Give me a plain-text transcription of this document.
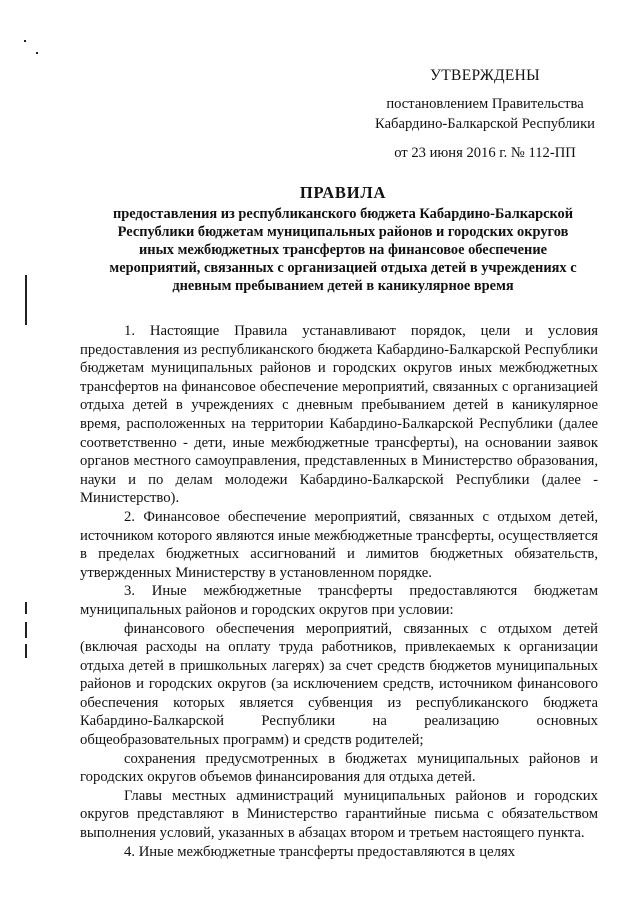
УТВЕРЖДЕНЫ
постановлением Правительства
Кабардино-Балкарской Республики
от 23 июня 2016 г. № 112-ПП
ПРАВИЛА
предоставления из республиканского бюджета Кабардино-Балкарской Республики бюджетам муниципальных районов и городских округов иных межбюджетных трансфертов на финансовое обеспечение мероприятий, связанных с организацией отдыха детей в учреждениях с дневным пребыванием детей в каникулярное время

1. Настоящие Правила устанавливают порядок, цели и условия предоставления из республиканского бюджета Кабардино-Балкарской Республики бюджетам муниципальных районов и городских округов иных межбюджетных трансфертов на финансовое обеспечение мероприятий, связанных с организацией отдыха детей в учреждениях с дневным пребыванием детей в каникулярное время, расположенных на территории Кабардино-Балкарской Республики (далее соответственно - дети, иные межбюджетные трансферты), на основании заявок органов местного самоуправления, представленных в Министерство образования, науки и по делам молодежи Кабардино-Балкарской Республики (далее - Министерство).

2. Финансовое обеспечение мероприятий, связанных с отдыхом детей, источником которого являются иные межбюджетные трансферты, осуществляется в пределах бюджетных ассигнований и лимитов бюджетных обязательств, утвержденных Министерству в установленном порядке.

3. Иные межбюджетные трансферты предоставляются бюджетам муниципальных районов и городских округов при условии:

финансового обеспечения мероприятий, связанных с отдыхом детей (включая расходы на оплату труда работников, привлекаемых к организации отдыха детей в пришкольных лагерях) за счет средств бюджетов муниципальных районов и городских округов (за исключением средств, источником финансового обеспечения которых является субвенция из республиканского бюджета Кабардино-Балкарской Республики на реализацию основных общеобразовательных программ) и средств родителей;

сохранения предусмотренных в бюджетах муниципальных районов и городских округов объемов финансирования для отдыха детей.

Главы местных администраций муниципальных районов и городских округов представляют в Министерство гарантийные письма с обязательством выполнения условий, указанных в абзацах втором и третьем настоящего пункта.

4. Иные межбюджетные трансферты предоставляются в целях
